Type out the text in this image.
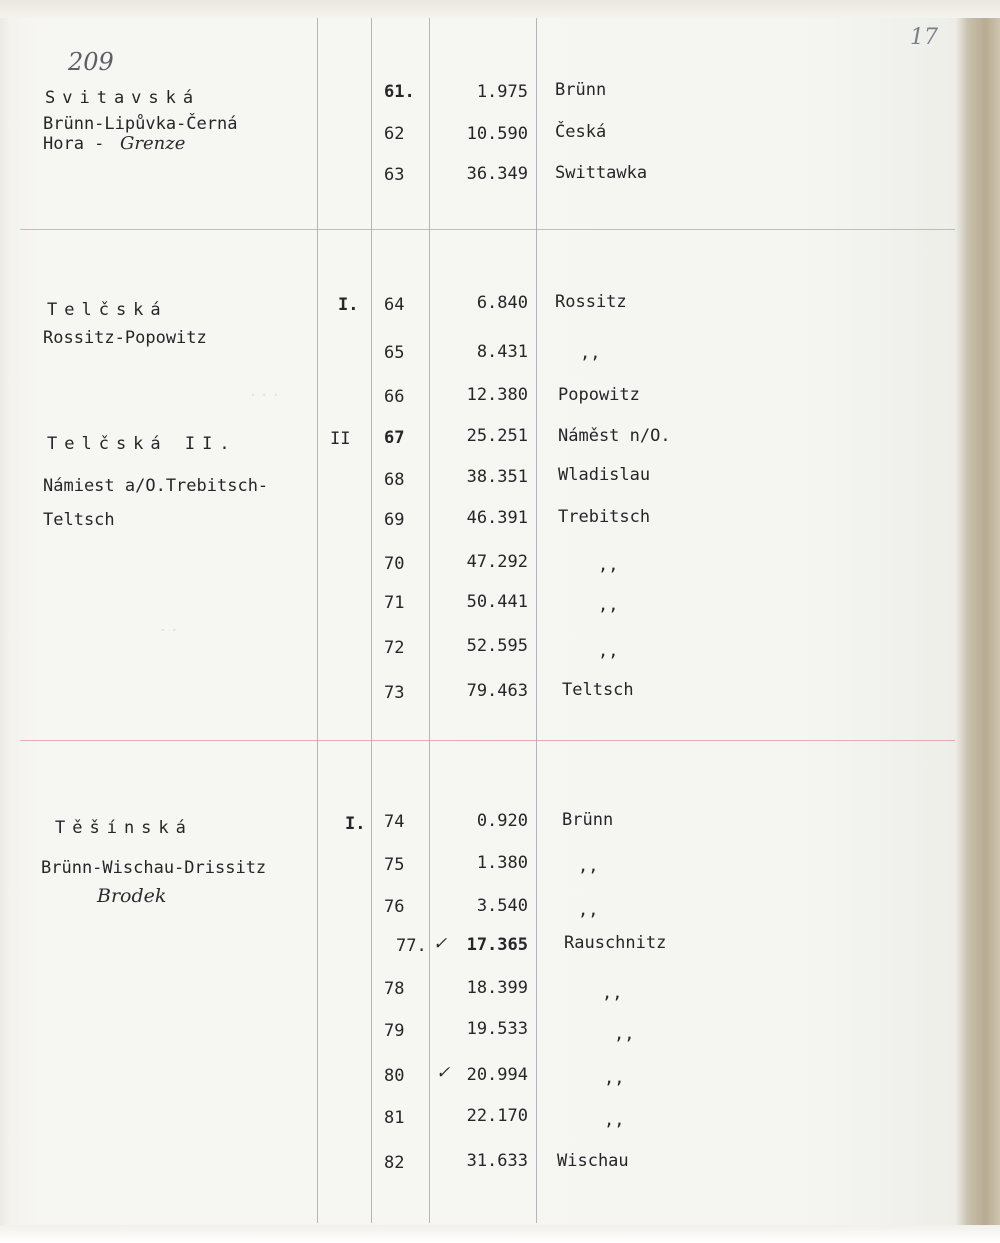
· · ·
· ·
209
17
Svitavská
Brünn-Lipůvka-Černá
Hora - Grenze
61.	1.975 Brünn
62	10.590 Česká
63	36.349 Swittawka
Telčská
Rossitz-Popowitz
I. 64	6.840 Rossitz
65	8.431	,,
66	12.380 Popowitz
Telčská II.
Námiest a/O.Trebitsch-
Teltsch
II 67	25.251 Náměst n/O.
68	38.351 Wladislau
69	46.391 Trebitsch
70	47.292	,,
71	50.441	,,
72	52.595	,,
73	79.463 Teltsch
Těšínská
Brünn-Wischau-Drissitz
Brodek
I. 74	0.920 Brünn
75	1.380	,,
76	3.540	,,
77. ✓	17.365 Rauschnitz
78	18.399	,,
79	19.533	,,
80	✓ 20.994	,,
81	22.170	,,
82	31.633 Wischau
